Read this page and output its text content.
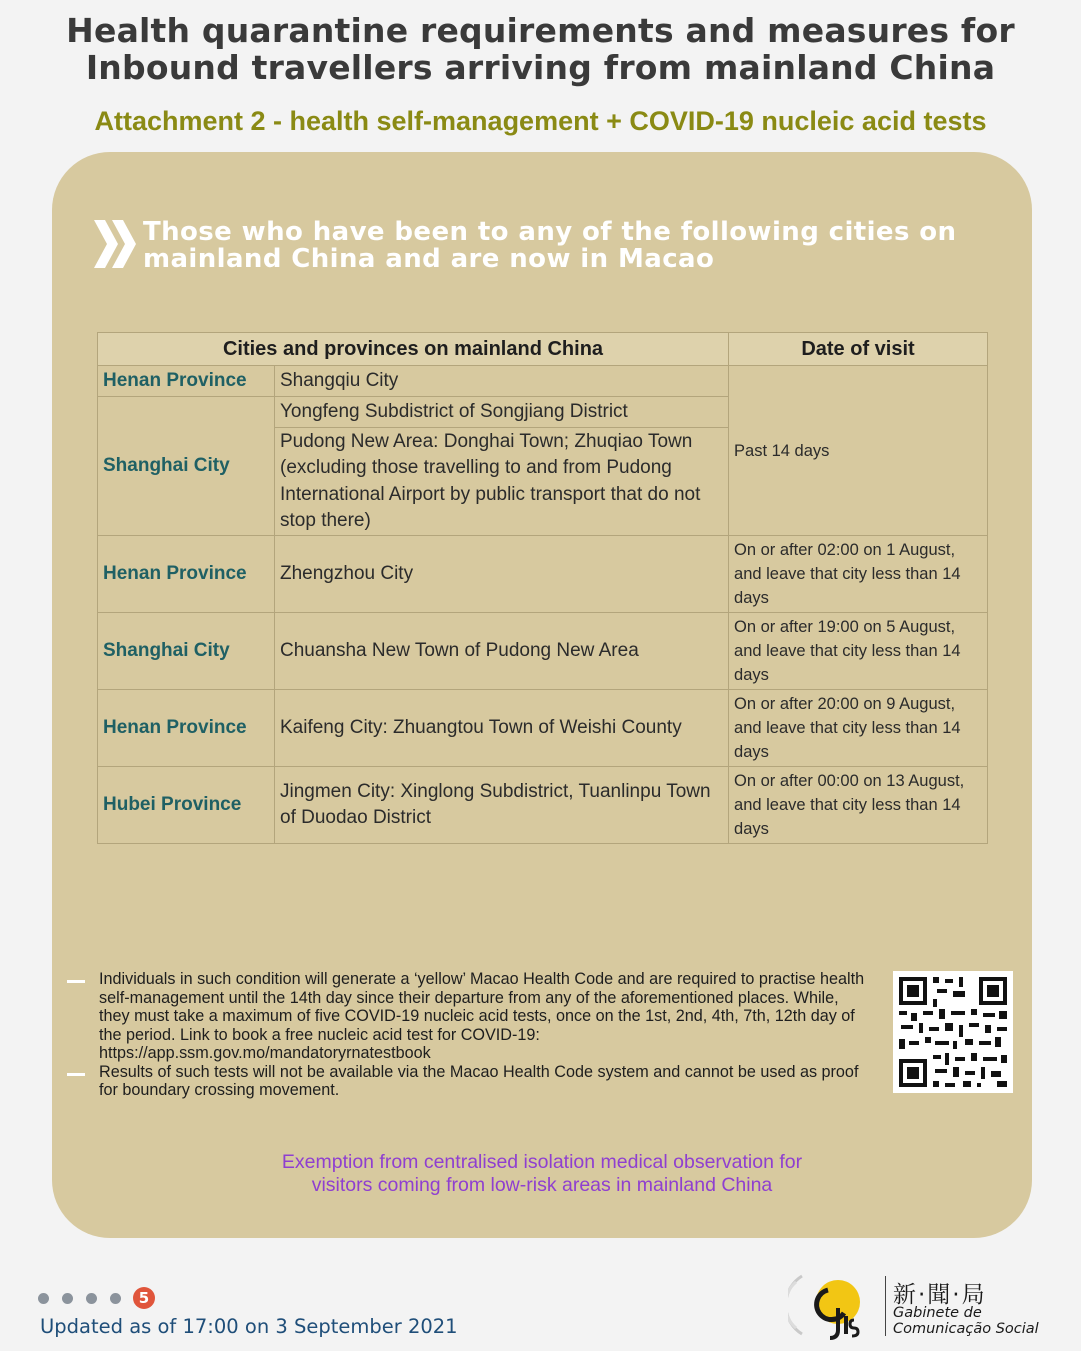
Health quarantine requirements and measures for
Inbound travellers arriving from mainland China
Attachment 2 - health self-management + COVID-19 nucleic acid tests
Those who have been to any of the following cities on
mainland China and are now in Macao
Cities and provinces on mainland China		Date of visit
Henan Province	Shangqiu City	Past 14 days
Shanghai City	Yongfeng Subdistrict of Songjiang District	
	Pudong New Area: Donghai Town; Zhuqiao Town (excluding those travelling to and from Pudong International Airport by public transport that do not stop there)	
Henan Province	Zhengzhou City	On or after 02:00 on 1 August, and leave that city less than 14 days
Shanghai City	Chuansha New Town of Pudong New Area	On or after 19:00 on 5 August, and leave that city less than 14 days
Henan Province	Kaifeng City: Zhuangtou Town of Weishi County	On or after 20:00 on 9 August, and leave that city less than 14 days
Hubei Province	Jingmen City: Xinglong Subdistrict, Tuanlinpu Town of Duodao District	On or after 00:00 on 13 August, and leave that city less than 14 days
Individuals in such condition will generate a ‘yellow’ Macao Health Code and are required to practise health self-management until the 14th day since their departure from any of the aforementioned places. While, they must take a maximum of five COVID-19 nucleic acid tests, once on the 1st, 2nd, 4th, 7th, 12th day of the period. Link to book a free nucleic acid test for COVID-19: https://app.ssm.gov.mo/mandatoryrnatestbook
Results of such tests will not be available via the Macao Health Code system and cannot be used as proof for boundary crossing movement.
Exemption from centralised isolation medical observation for
visitors coming from low-risk areas in mainland China
5
Updated as of 17:00 on 3 September 2021
新·聞·局
Gabinete de
Comunicação Social
